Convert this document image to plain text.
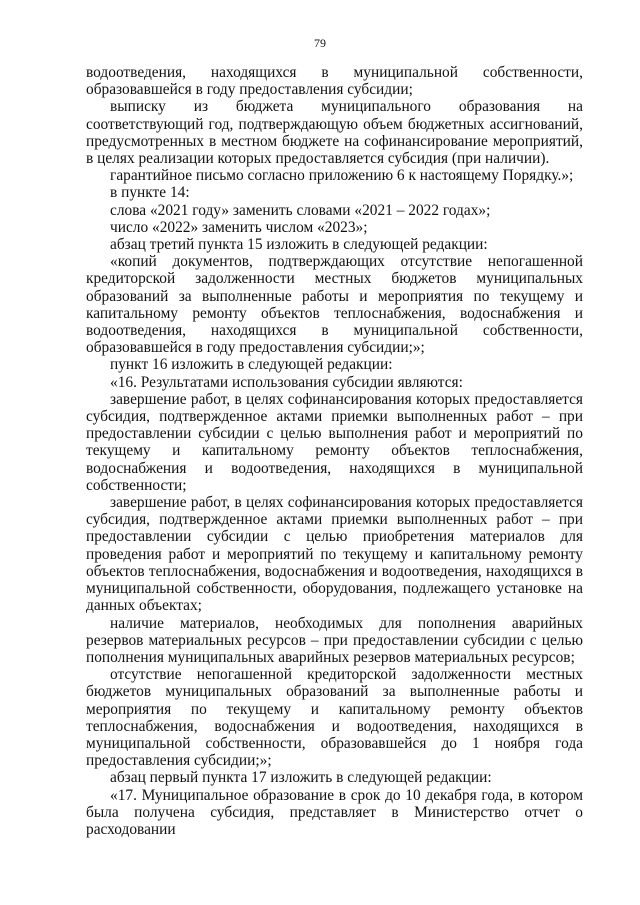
79

водоотведения, находящихся в муниципальной собственности, образовавшейся в году предоставления субсидии;

выписку из бюджета муниципального образования на соответствующий год, подтверждающую объем бюджетных ассигнований, предусмотренных в местном бюджете на софинансирование мероприятий, в целях реализации которых предоставляется субсидия (при наличии).

гарантийное письмо согласно приложению 6 к настоящему Порядку.»;

в пункте 14:

слова «2021 году» заменить словами «2021 – 2022 годах»;

число «2022» заменить числом «2023»;

абзац третий пункта 15 изложить в следующей редакции:

«копий документов, подтверждающих отсутствие непогашенной кредиторской задолженности местных бюджетов муниципальных образований за выполненные работы и мероприятия по текущему и капитальному ремонту объектов теплоснабжения, водоснабжения и водоотведения, находящихся в муниципальной собственности, образовавшейся в году предоставления субсидии;»;

пункт 16 изложить в следующей редакции:

«16. Результатами использования субсидии являются:

завершение работ, в целях софинансирования которых предоставляется субсидия, подтвержденное актами приемки выполненных работ – при предоставлении субсидии с целью выполнения работ и мероприятий по текущему и капитальному ремонту объектов теплоснабжения, водоснабжения и водоотведения, находящихся в муниципальной собственности;

завершение работ, в целях софинансирования которых предоставляется субсидия, подтвержденное актами приемки выполненных работ – при предоставлении субсидии с целью приобретения материалов для проведения работ и мероприятий по текущему и капитальному ремонту объектов теплоснабжения, водоснабжения и водоотведения, находящихся в муниципальной собственности, оборудования, подлежащего установке на данных объектах;

наличие материалов, необходимых для пополнения аварийных резервов материальных ресурсов – при предоставлении субсидии с целью пополнения муниципальных аварийных резервов материальных ресурсов;

отсутствие непогашенной кредиторской задолженности местных бюджетов муниципальных образований за выполненные работы и мероприятия по текущему и капитальному ремонту объектов теплоснабжения, водоснабжения и водоотведения, находящихся в муниципальной собственности, образовавшейся до 1 ноября года предоставления субсидии;»;

абзац первый пункта 17 изложить в следующей редакции:

«17. Муниципальное образование в срок до 10 декабря года, в котором была получена субсидия, представляет в Министерство отчет о расходовании
